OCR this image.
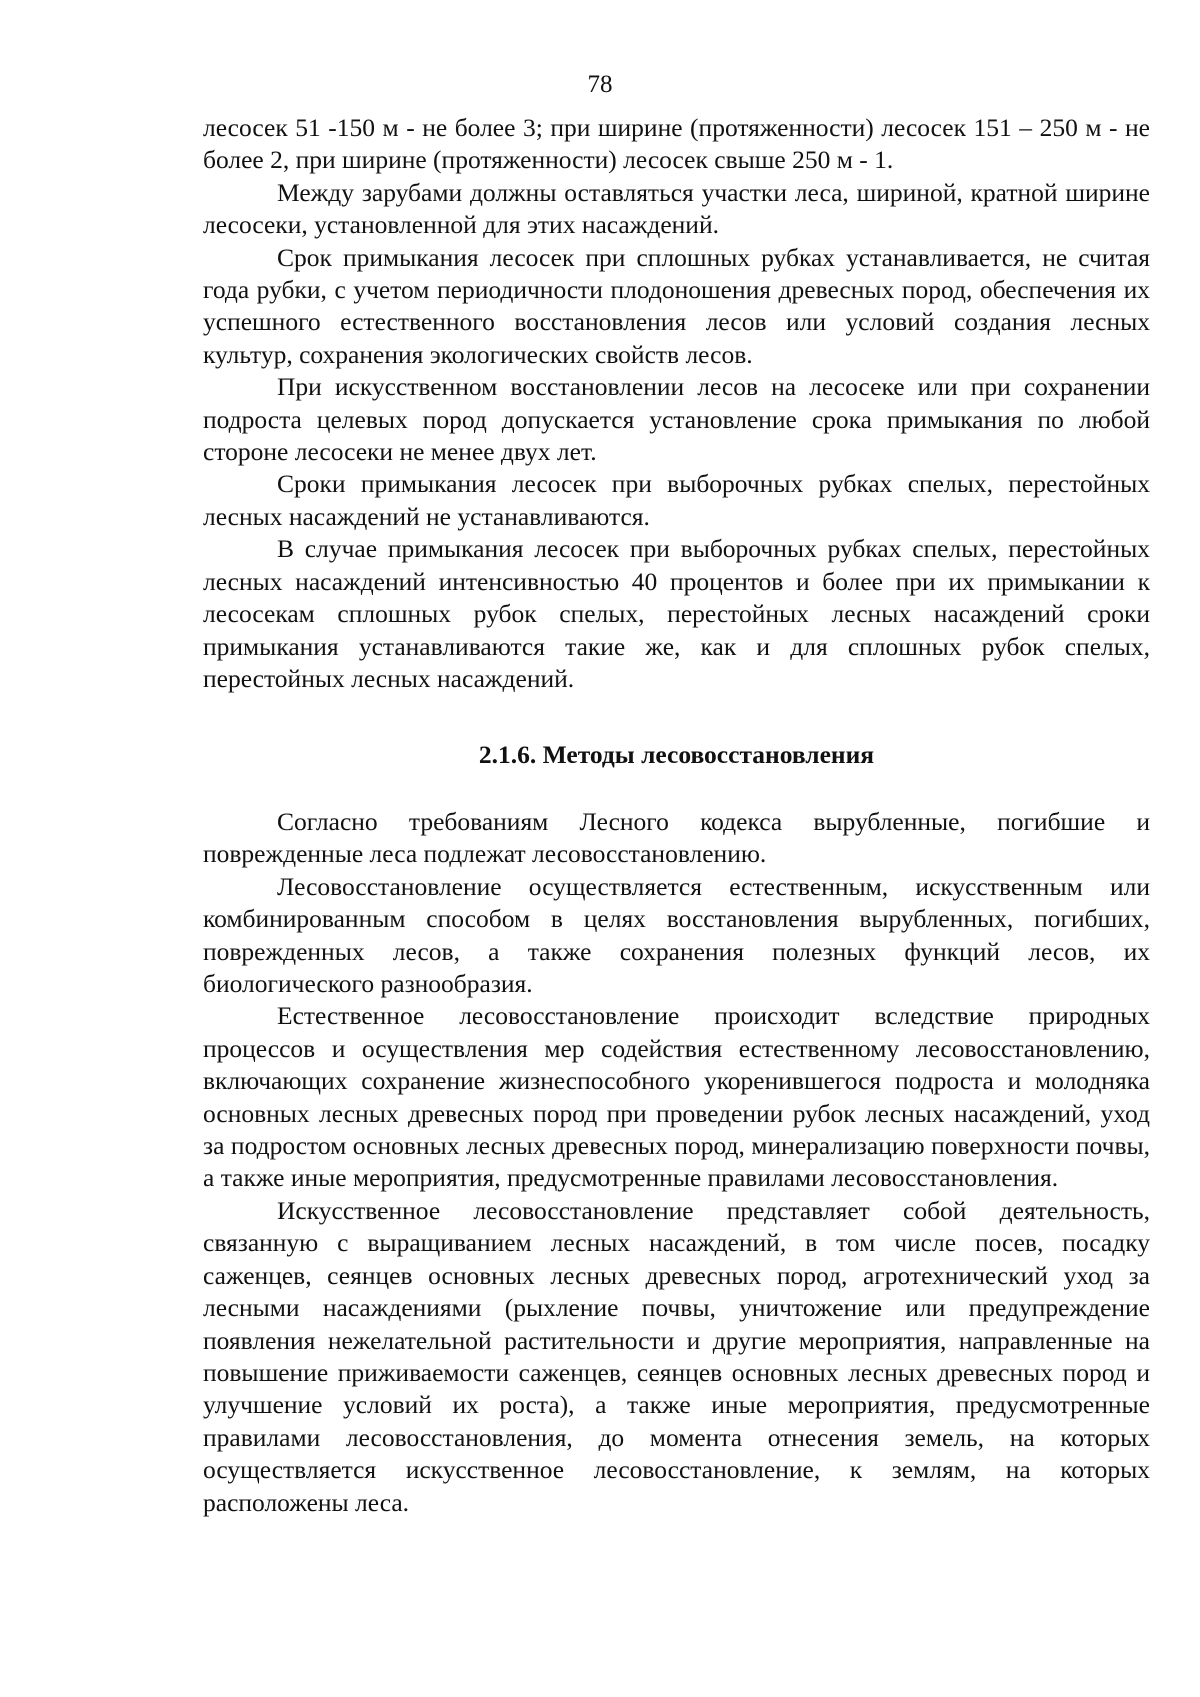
78

лесосек 51 -150 м - не более 3; при ширине (протяженности) лесосек 151 – 250 м - не более 2, при ширине (протяженности) лесосек свыше 250 м - 1.

Между зарубами должны оставляться участки леса, шириной, кратной ширине лесосеки, установленной для этих насаждений.

Срок примыкания лесосек при сплошных рубках устанавливается, не считая года рубки, с учетом периодичности плодоношения древесных пород, обеспечения их успешного естественного восстановления лесов или условий создания лесных культур, сохранения экологических свойств лесов.

При искусственном восстановлении лесов на лесосеке или при сохранении подроста целевых пород допускается установление срока примыкания по любой стороне лесосеки не менее двух лет.

Сроки примыкания лесосек при выборочных рубках спелых, перестойных лесных насаждений не устанавливаются.

В случае примыкания лесосек при выборочных рубках спелых, перестойных лесных насаждений интенсивностью 40 процентов и более при их примыкании к лесосекам сплошных рубок спелых, перестойных лесных насаждений сроки примыкания устанавливаются такие же, как и для сплошных рубок спелых, перестойных лесных насаждений.

2.1.6. Методы лесовосстановления

Согласно требованиям Лесного кодекса вырубленные, погибшие и поврежденные леса подлежат лесовосстановлению.

Лесовосстановление осуществляется естественным, искусственным или комбинированным способом в целях восстановления вырубленных, погибших, поврежденных лесов, а также сохранения полезных функций лесов, их биологического разнообразия.

Естественное лесовосстановление происходит вследствие природных процессов и осуществления мер содействия естественному лесовосстановлению, включающих сохранение жизнеспособного укоренившегося подроста и молодняка основных лесных древесных пород при проведении рубок лесных насаждений, уход за подростом основных лесных древесных пород, минерализацию поверхности почвы, а также иные мероприятия, предусмотренные правилами лесовосстановления.

Искусственное лесовосстановление представляет собой деятельность, связанную с выращиванием лесных насаждений, в том числе посев, посадку саженцев, сеянцев основных лесных древесных пород, агротехнический уход за лесными насаждениями (рыхление почвы, уничтожение или предупреждение появления нежелательной растительности и другие мероприятия, направленные на повышение приживаемости саженцев, сеянцев основных лесных древесных пород и улучшение условий их роста), а также иные мероприятия, предусмотренные правилами лесовосстановления, до момента отнесения земель, на которых осуществляется искусственное лесовосстановление, к землям, на которых расположены леса.
